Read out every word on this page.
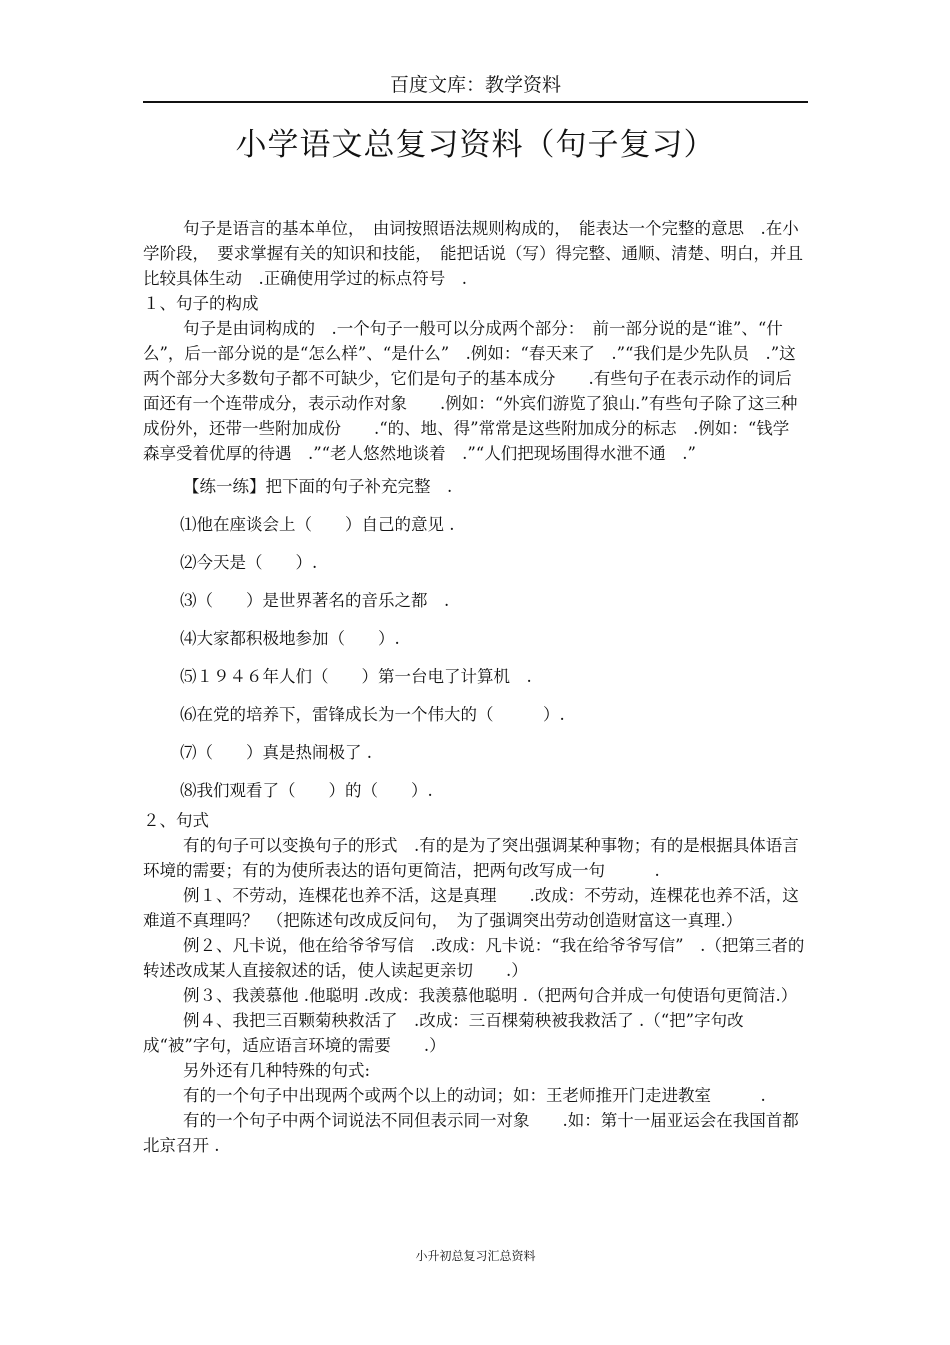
百度文库：教学资料
小学语文总复习资料（句子复习）

句子是语言的基本单位，　由词按照语法规则构成的，　能表达一个完整的意思　.在小学阶段，　要求掌握有关的知识和技能，　能把话说（写）得完整、通顺、清楚、明白，并且比较具体生动　.正确使用学过的标点符号　.

１、句子的构成

句子是由词构成的　.一个句子一般可以分成两个部分：　前一部分说的是“谁”、“什么”，后一部分说的是“怎么样”、“是什么”　.例如：“春天来了　.”“我们是少先队员　.”这两个部分大多数句子都不可缺少，它们是句子的基本成分　　.有些句子在表示动作的词后面还有一个连带成分，表示动作对象　　.例如：“外宾们游览了狼山.”有些句子除了这三种成份外，还带一些附加成份　　.“的、地、得”常常是这些附加成分的标志　.例如：“钱学森享受着优厚的待遇　.”“老人悠然地谈着　.”“人们把现场围得水泄不通　.”

【练一练】把下面的句子补充完整　.

⑴他在座谈会上（　　）自己的意见 .

⑵今天是（　　）.

⑶（　　）是世界著名的音乐之都　.

⑷大家都积极地参加（　　）.

⑸１９４６年人们（　　）第一台电了计算机　.

⑹在党的培养下，雷锋成长为一个伟大的（　　　）.

⑺（　　）真是热闹极了 .

⑻我们观看了（　　）的（　　）.

２、句式

有的句子可以变换句子的形式　.有的是为了突出强调某种事物；有的是根据具体语言环境的需要；有的为使所表达的语句更简洁，把两句改写成一句　　　.

例１、不劳动，连棵花也养不活，这是真理　　.改成：不劳动，连棵花也养不活，这难道不真理吗？　（把陈述句改成反问句，　为了强调突出劳动创造财富这一真理.）

例２、凡卡说，他在给爷爷写信　.改成：凡卡说：“我在给爷爷写信”　.（把第三者的转述改成某人直接叙述的话，使人读起更亲切　　.）

例３、我羡慕他 .他聪明 .改成：我羡慕他聪明 .（把两句合并成一句使语句更简洁.）

例４、我把三百颗菊秧救活了　.改成：三百棵菊秧被我救活了 .（“把”字句改成“被”字句，适应语言环境的需要　　.）

另外还有几种特殊的句式:

有的一个句子中出现两个或两个以上的动词；如：王老师推开门走进教室　　　.

有的一个句子中两个词说法不同但表示同一对象　　.如：第十一届亚运会在我国首都北京召开 .

小升初总复习汇总资料
